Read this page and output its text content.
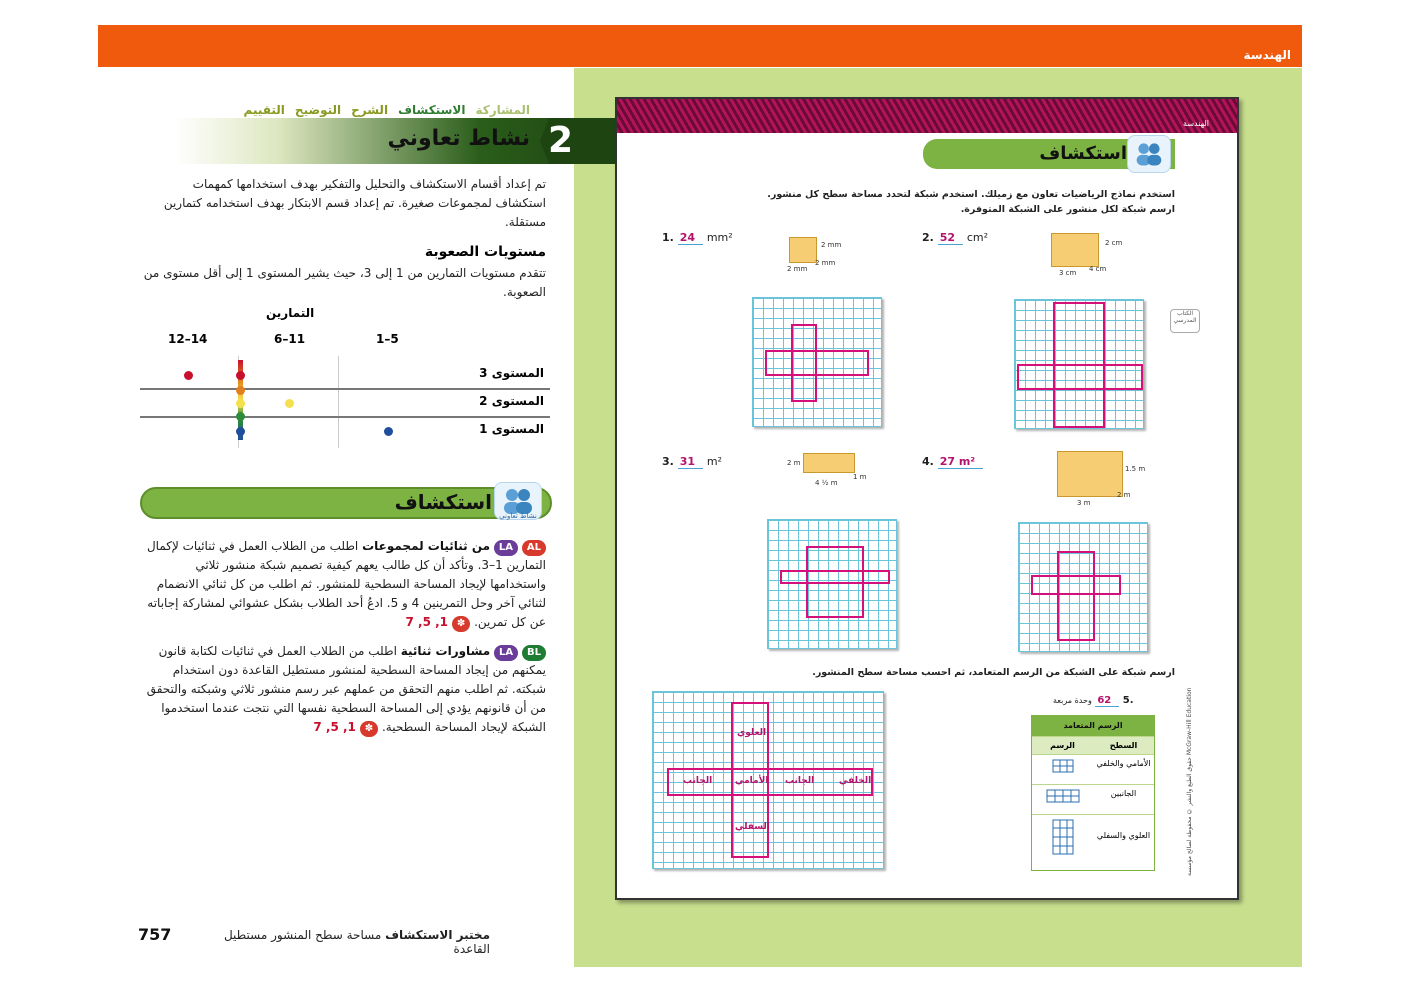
الهندسة
المشاركة
الاستكشاف
الشرح
التوضيح
التقييم
2
نشاط تعاوني
تم إعداد أقسام الاستكشاف والتحليل والتفكير بهدف استخدامها كمهمات استكشاف لمجموعات صغيرة. تم إعداد قسم الابتكار بهدف استخدامه كتمارين مستقلة.
مستويات الصعوبة
تتقدم مستويات التمارين من 1 إلى 3، حيث يشير المستوى 1 إلى أقل مستوى من الصعوبة.
التمارين
12–14	6–11	1–5
المستوى 3
المستوى 2
المستوى 1
استكشاف
نشاط تعاوني
AL LA من ثنائيات لمجموعات اطلب من الطلاب العمل في ثنائيات لإكمال التمارين 1–3. وتأكد أن كل طالب يعهم كيفية تصميم شبكة منشور ثلاثي واستخدامها لإيجاد المساحة السطحية للمنشور. ثم اطلب من كل ثنائي الانضمام لثنائي آخر وحل التمرينين 4 و 5. ادعُ أحد الطلاب بشكل عشوائي لمشاركة إجاباته عن كل تمرين. ✽ 1, 5, 7
BL LA مشاورات ثنائية اطلب من الطلاب العمل في ثنائيات لكتابة قانون يمكنهم من إيجاد المساحة السطحية لمنشور مستطيل القاعدة دون استخدام شبكته. ثم اطلب منهم التحقق من عملهم عبر رسم منشور ثلاثي وشبكته والتحقق من أن قانونهم يؤدي إلى المساحة السطحية نفسها التي نتجت عندما استخدموا الشبكة لإيجاد المساحة السطحية. ✽ 1, 5, 7
757	مختبر الاستكشاف مساحة سطح المنشور مستطيل القاعدة
الهندسة
استكشاف
استخدم نماذج الرياضيات تعاون مع زميلك. استخدم شبكة لتحدد مساحة سطح كل منشور. ارسم شبكة لكل منشور على الشبكة المتوفرة.
1. 24 mm²
2 mm
2 mm
2 mm
2. 52 cm²	2 cm
3 cm 4 cm
الكتاب المدرسي
3. 31 m²	2 m
1 m
4 ½ m
4. 27 m²
1.5 m
2 m
3 m
ارسم شبكة على الشبكة من الرسم المتعامد، ثم احسب مساحة سطح المنشور.
العلوي
الجانب	الأمامي الجانب	الخلفي
السفلي
.5 62 وحدة مربعة
الرسم المتعامد
الرسم	السطح
الأمامي والخلفي
الجانبين
العلوي والسفلي	حقوق الطبع والنشر © محفوظة لصالح مؤسسة McGraw-Hill Education
